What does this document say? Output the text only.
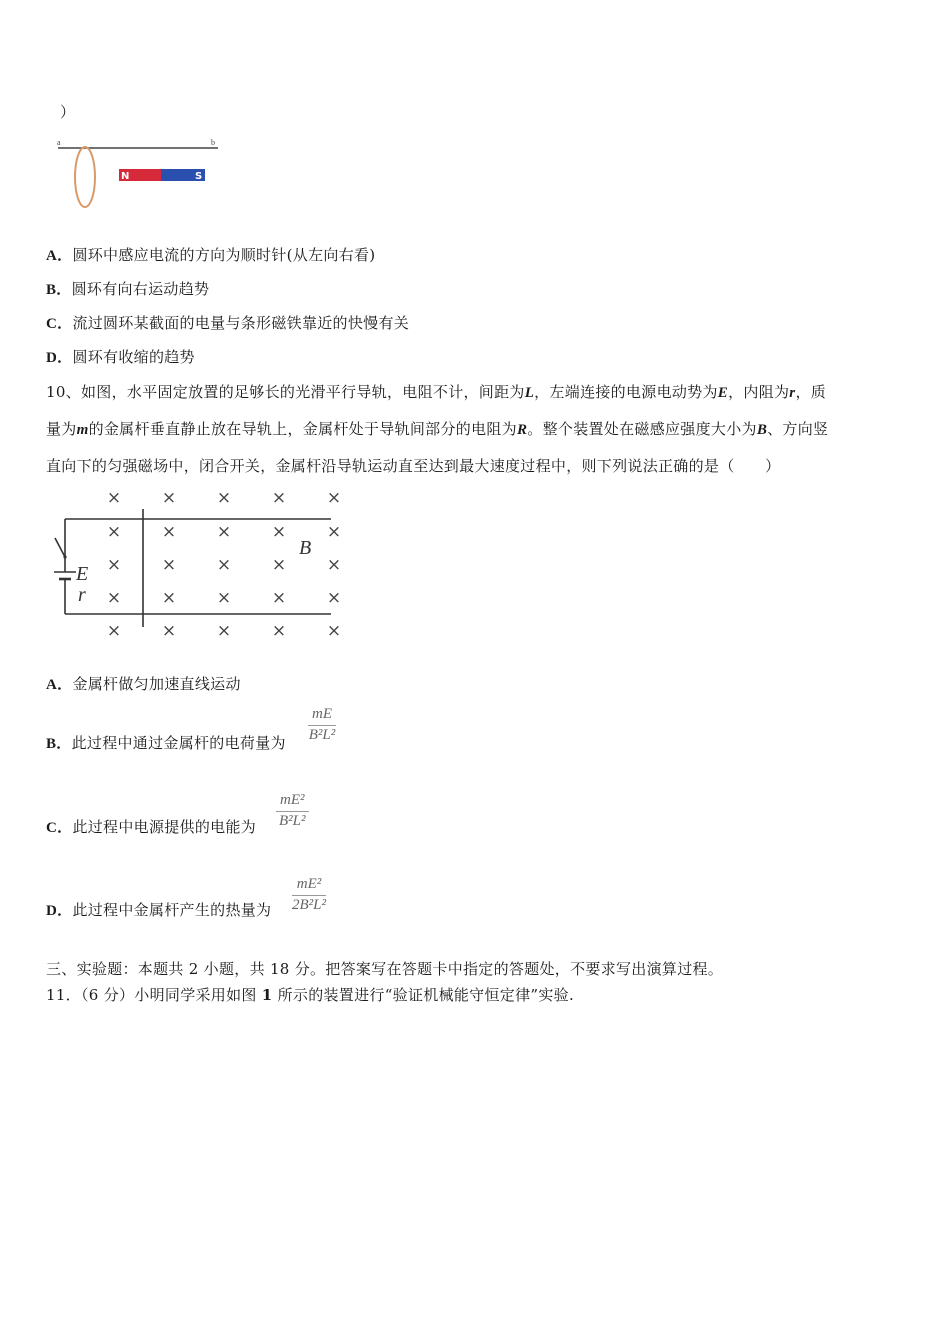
）
a	b
N	S
A．圆环中感应电流的方向为顺时针(从左向右看)
B．圆环有向右运动趋势
C．流过圆环某截面的电量与条形磁铁靠近的快慢有关
D．圆环有收缩的趋势
10、如图，水平固定放置的足够长的光滑平行导轨，电阻不计，间距为L，左端连接的电源电动势为E，内阻为r，质
量为m的金属杆垂直静止放在导轨上，金属杆处于导轨间部分的电阻为R。整个装置处在磁感应强度大小为B、方向竖
直向下的匀强磁场中，闭合开关，金属杆沿导轨运动直至达到最大速度过程中，则下列说法正确的是（　　）
E
r
B
× × × × ×
× × × × ×
× × × × ×
× × × × ×
× × × × ×
A．金属杆做匀加速直线运动
B．此过程中通过金属杆的电荷量为
mE
B²L²
C．此过程中电源提供的电能为
mE²
B²L²
D．此过程中金属杆产生的热量为
mE²
2B²L²
三、实验题：本题共 2 小题，共 18 分。把答案写在答题卡中指定的答题处，不要求写出演算过程。
11．（6 分）小明同学采用如图 1 所示的装置进行“验证机械能守恒定律”实验.
